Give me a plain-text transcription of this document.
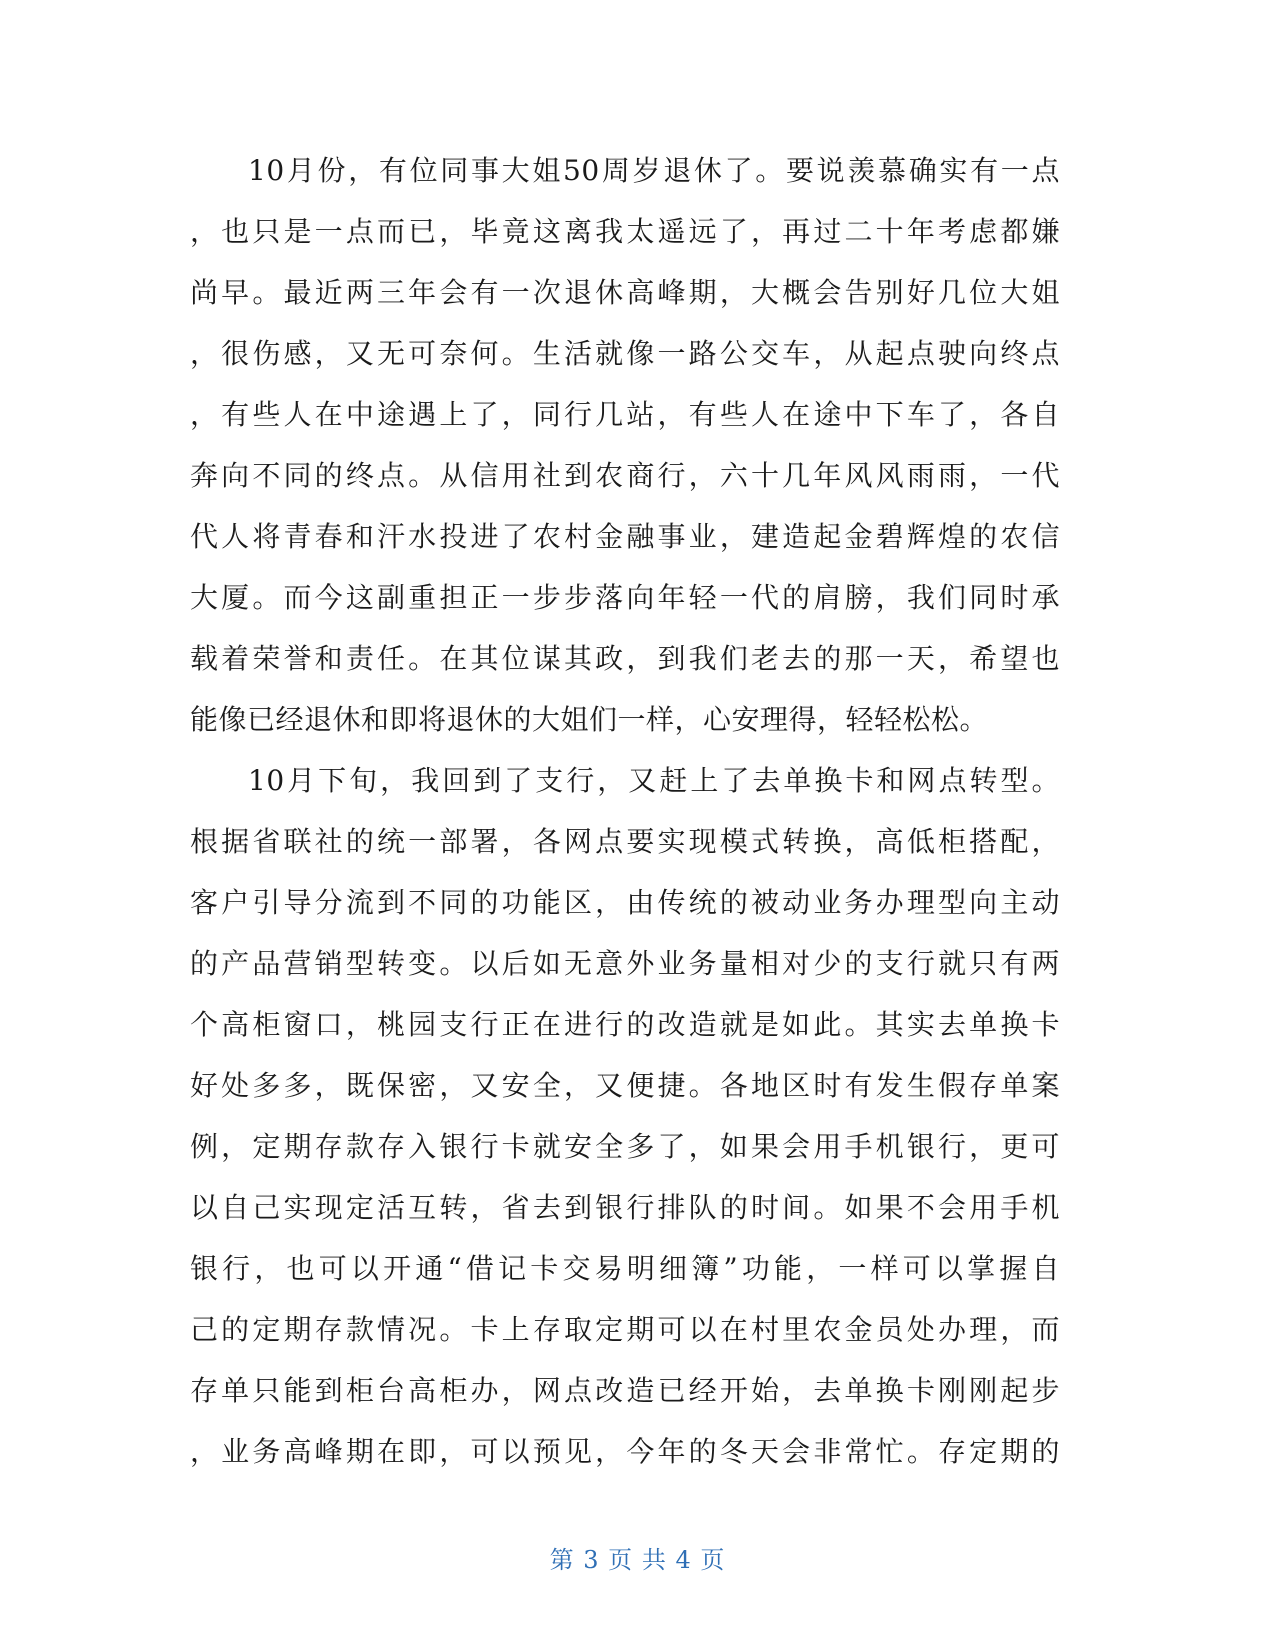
10月份，有位同事大姐50周岁退休了。要说羡慕确实有一点
，也只是一点而已，毕竟这离我太遥远了，再过二十年考虑都嫌
尚早。最近两三年会有一次退休高峰期，大概会告别好几位大姐
，很伤感，又无可奈何。生活就像一路公交车，从起点驶向终点
，有些人在中途遇上了，同行几站，有些人在途中下车了，各自
奔向不同的终点。从信用社到农商行，六十几年风风雨雨，一代
代人将青春和汗水投进了农村金融事业，建造起金碧辉煌的农信
大厦。而今这副重担正一步步落向年轻一代的肩膀，我们同时承
载着荣誉和责任。在其位谋其政，到我们老去的那一天，希望也
能像已经退休和即将退休的大姐们一样，心安理得，轻轻松松。
10月下旬，我回到了支行，又赶上了去单换卡和网点转型。
根据省联社的统一部署，各网点要实现模式转换，高低柜搭配，
客户引导分流到不同的功能区，由传统的被动业务办理型向主动
的产品营销型转变。以后如无意外业务量相对少的支行就只有两
个高柜窗口，桃园支行正在进行的改造就是如此。其实去单换卡
好处多多，既保密，又安全，又便捷。各地区时有发生假存单案
例，定期存款存入银行卡就安全多了，如果会用手机银行，更可
以自己实现定活互转，省去到银行排队的时间。如果不会用手机
银行，也可以开通“借记卡交易明细簿”功能，一样可以掌握自
己的定期存款情况。卡上存取定期可以在村里农金员处办理，而
存单只能到柜台高柜办，网点改造已经开始，去单换卡刚刚起步
，业务高峰期在即，可以预见，今年的冬天会非常忙。存定期的
第 3 页 共 4 页
